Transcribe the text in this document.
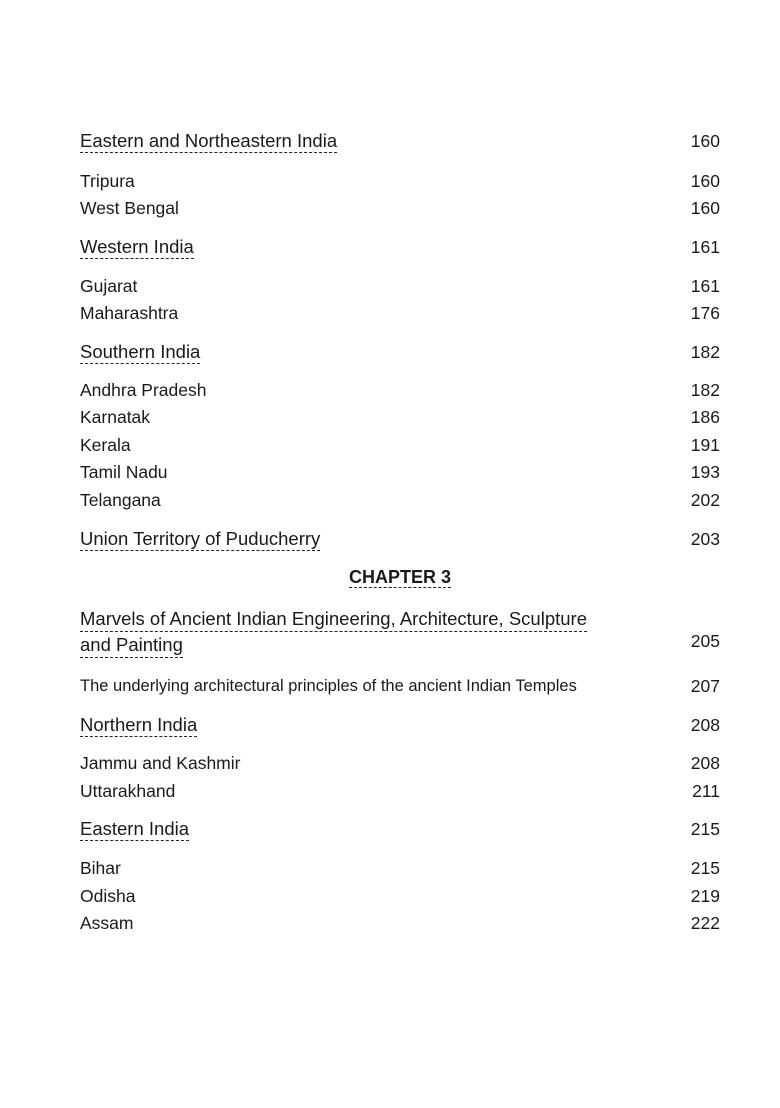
Eastern and Northeastern India	160
Tripura	160
West Bengal	160
Western India	161
Gujarat	161
Maharashtra	176
Southern India	182
Andhra Pradesh	182
Karnatak	186
Kerala	191
Tamil Nadu	193
Telangana	202
Union Territory of Puducherry	203
CHAPTER 3
Marvels of Ancient Indian Engineering, Architecture, Sculpture
and Painting	205
The underlying architectural principles of the ancient Indian Temples	207
Northern India	208
Jammu and Kashmir	208
Uttarakhand	211
Eastern India	215
Bihar	215
Odisha	219
Assam	222
